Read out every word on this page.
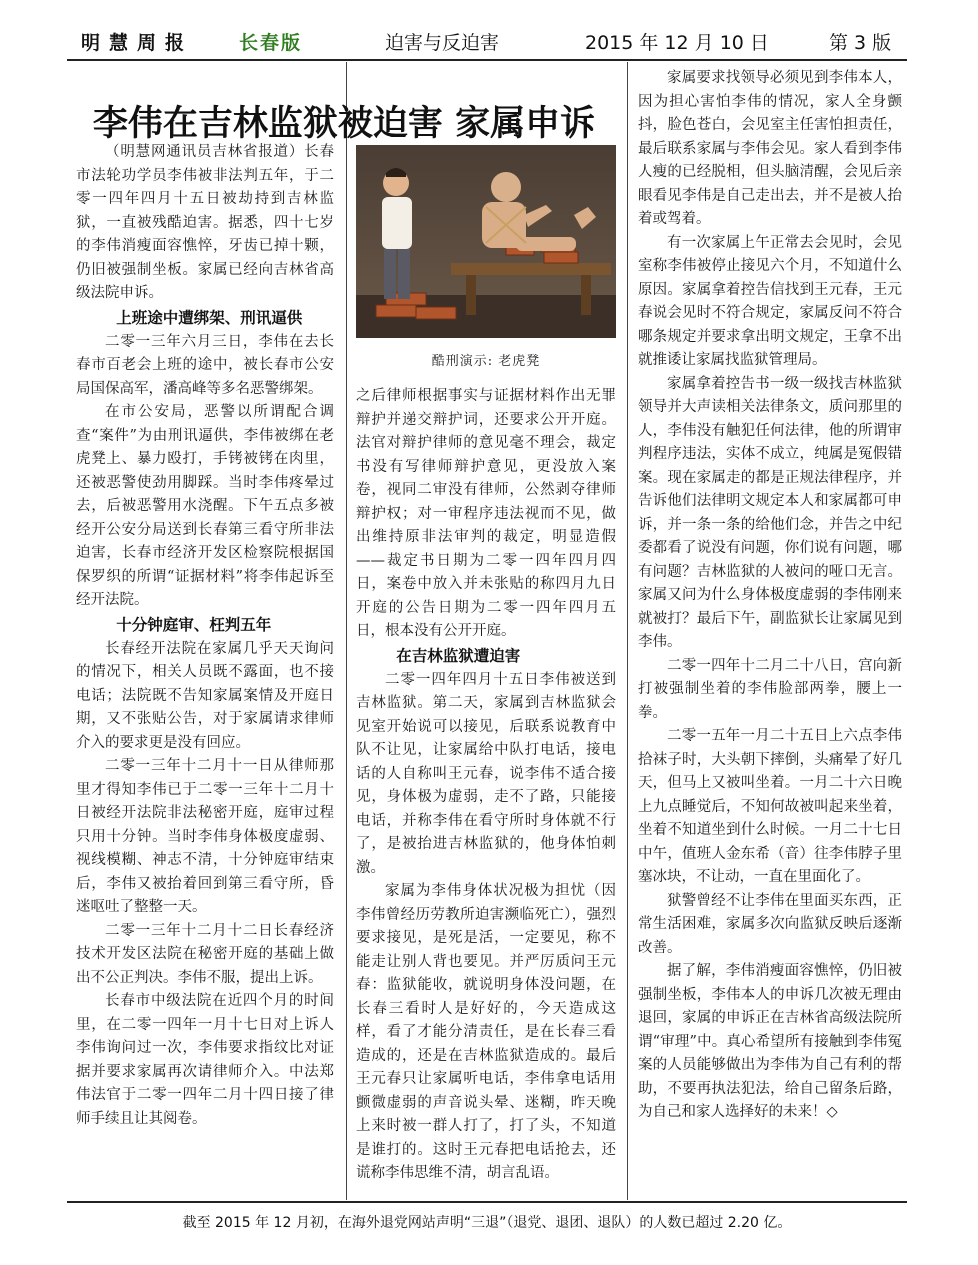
明慧周报 长春版	迫害与反迫害	2015 年 12 月 10 日	第 3 版
李伟在吉林监狱被迫害 家属申诉
酷刑演示: 老虎凳

（明慧网通讯员吉林省报道）长春市法轮功学员李伟被非法判五年，于二零一四年四月十五日被劫持到吉林监狱，一直被残酷迫害。据悉，四十七岁的李伟消瘦面容憔悴，牙齿已掉十颗，仍旧被强制坐板。家属已经向吉林省高级法院申诉。

上班途中遭绑架、刑讯逼供

二零一三年六月三日，李伟在去长春市百老会上班的途中，被长春市公安局国保高军，潘高峰等多名恶警绑架。

在市公安局，恶警以所谓配合调查“案件”为由刑讯逼供，李伟被绑在老虎凳上、暴力殴打，手铐被铐在肉里，还被恶警使劲用脚踩。当时李伟疼晕过去，后被恶警用水浇醒。下午五点多被经开公安分局送到长春第三看守所非法迫害，长春市经济开发区检察院根据国保罗织的所谓“证据材料”将李伟起诉至经开法院。

十分钟庭审、枉判五年

长春经开法院在家属几乎天天询问的情况下，相关人员既不露面，也不接电话；法院既不告知家属案情及开庭日期，又不张贴公告，对于家属请求律师介入的要求更是没有回应。

二零一三年十二月十一日从律师那里才得知李伟已于二零一三年十二月十日被经开法院非法秘密开庭，庭审过程只用十分钟。当时李伟身体极度虚弱、视线模糊、神志不清，十分钟庭审结束后，李伟又被抬着回到第三看守所，昏迷呕吐了整整一天。

二零一三年十二月十二日长春经济技术开发区法院在秘密开庭的基础上做出不公正判决。李伟不服，提出上诉。

长春市中级法院在近四个月的时间里，在二零一四年一月十七日对上诉人李伟询问过一次，李伟要求指纹比对证据并要求家属再次请律师介入。中法郑伟法官于二零一四年二月十四日接了律师手续且让其阅卷。

之后律师根据事实与证据材料作出无罪辩护并递交辩护词，还要求公开开庭。法官对辩护律师的意见毫不理会，裁定书没有写律师辩护意见，更没放入案卷，视同二审没有律师，公然剥夺律师辩护权；对一审程序违法视而不见，做出维持原非法审判的裁定，明显造假——裁定书日期为二零一四年四月四日，案卷中放入并未张贴的称四月九日开庭的公告日期为二零一四年四月五日，根本没有公开开庭。

在吉林监狱遭迫害

二零一四年四月十五日李伟被送到吉林监狱。第二天，家属到吉林监狱会见室开始说可以接见，后联系说教育中队不让见，让家属给中队打电话，接电话的人自称叫王元春，说李伟不适合接见，身体极为虚弱，走不了路，只能接电话，并称李伟在看守所时身体就不行了，是被抬进吉林监狱的，他身体怕刺激。

家属为李伟身体状况极为担忧（因李伟曾经历劳教所迫害濒临死亡），强烈要求接见，是死是活，一定要见，称不能走让别人背也要见。并严厉质问王元春：监狱能收，就说明身体没问题，在长春三看时人是好好的，今天造成这样，看了才能分清责任，是在长春三看造成的，还是在吉林监狱造成的。最后王元春只让家属听电话，李伟拿电话用颤微虚弱的声音说头晕、迷糊，昨天晚上来时被一群人打了，打了头，不知道是谁打的。这时王元春把电话抢去，还谎称李伟思维不清，胡言乱语。

家属要求找领导必须见到李伟本人，因为担心害怕李伟的情况，家人全身颤抖，脸色苍白，会见室主任害怕担责任，最后联系家属与李伟会见。家人看到李伟人瘦的已经脱相，但头脑清醒，会见后亲眼看见李伟是自己走出去，并不是被人抬着或驾着。

有一次家属上午正常去会见时，会见室称李伟被停止接见六个月，不知道什么原因。家属拿着控告信找到王元春，王元春说会见时不符合规定，家属反问不符合哪条规定并要求拿出明文规定，王拿不出就推诿让家属找监狱管理局。

家属拿着控告书一级一级找吉林监狱领导并大声读相关法律条文，质问那里的人，李伟没有触犯任何法律，他的所谓审判程序违法，实体不成立，纯属是冤假错案。现在家属走的都是正规法律程序，并告诉他们法律明文规定本人和家属都可申诉，并一条一条的给他们念，并告之中纪委都看了说没有问题，你们说有问题，哪有问题？吉林监狱的人被问的哑口无言。家属又问为什么身体极度虚弱的李伟刚来就被打？最后下午，副监狱长让家属见到李伟。

二零一四年十二月二十八日，宫向新打被强制坐着的李伟脸部两拳，腰上一拳。

二零一五年一月二十五日上六点李伟拾袜子时，大头朝下摔倒，头痛晕了好几天，但马上又被叫坐着。一月二十六日晚上九点睡觉后，不知何故被叫起来坐着，坐着不知道坐到什么时候。一月二十七日中午，值班人金东希（音）往李伟脖子里塞冰块，不让动，一直在里面化了。

狱警曾经不让李伟在里面买东西，正常生活困难，家属多次向监狱反映后逐渐改善。

据了解，李伟消瘦面容憔悴，仍旧被强制坐板，李伟本人的申诉几次被无理由退回，家属的申诉正在吉林省高级法院所谓“审理”中。真心希望所有接触到李伟冤案的人员能够做出为李伟为自己有利的帮助，不要再执法犯法，给自己留条后路，为自己和家人选择好的未来！◇

截至 2015 年 12 月初，在海外退党网站声明“三退”（退党、退团、退队）的人数已超过 2.20 亿。
